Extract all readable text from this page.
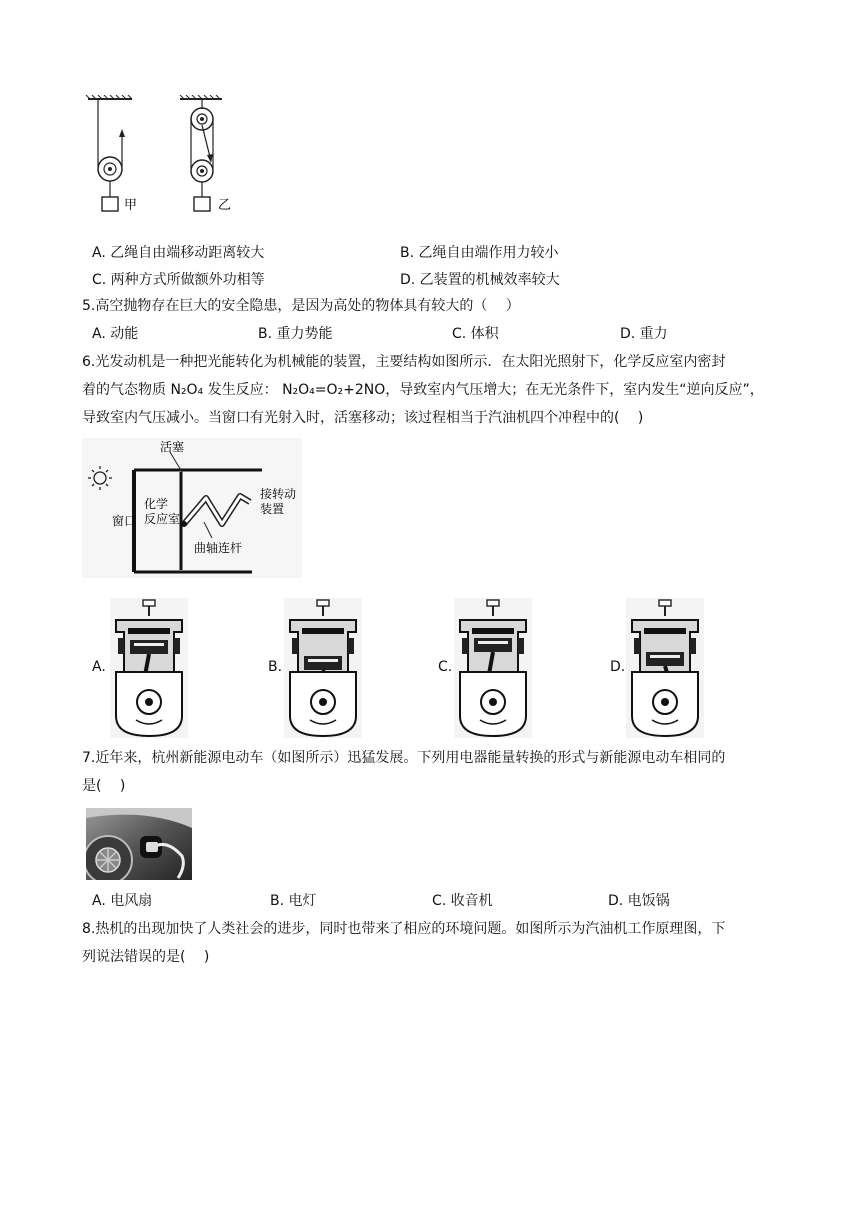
甲	乙
A. 乙绳自由端移动距离较大	B. 乙绳自由端作用力较小
C. 两种方式所做额外功相等	D. 乙装置的机械效率较大
5.高空抛物存在巨大的安全隐患，是因为高处的物体具有较大的（　 ）
A. 动能	B. 重力势能	C. 体积	D. 重力
6.光发动机是一种把光能转化为机械能的装置，主要结构如图所示．在太阳光照射下，化学反应室内密封
着的气态物质 N₂O₄ 发生反应： N₂O₄=O₂+2NO，导致室内气压增大；在无光条件下，室内发生“逆向反应”，
导致室内气压减小。当窗口有光射入时，活塞移动；该过程相当于汽油机四个冲程中的(　 )
活塞
窗口
化学反应室
接转动装置
曲轴连杆
A.	B.	C.	D.
7.近年来，杭州新能源电动车（如图所示）迅猛发展。下列用电器能量转换的形式与新能源电动车相同的
是(　 )
A. 电风扇	B. 电灯	C. 收音机	D. 电饭锅
8.热机的出现加快了人类社会的进步，同时也带来了相应的环境问题。如图所示为汽油机工作原理图，下
列说法错误的是(　 )
